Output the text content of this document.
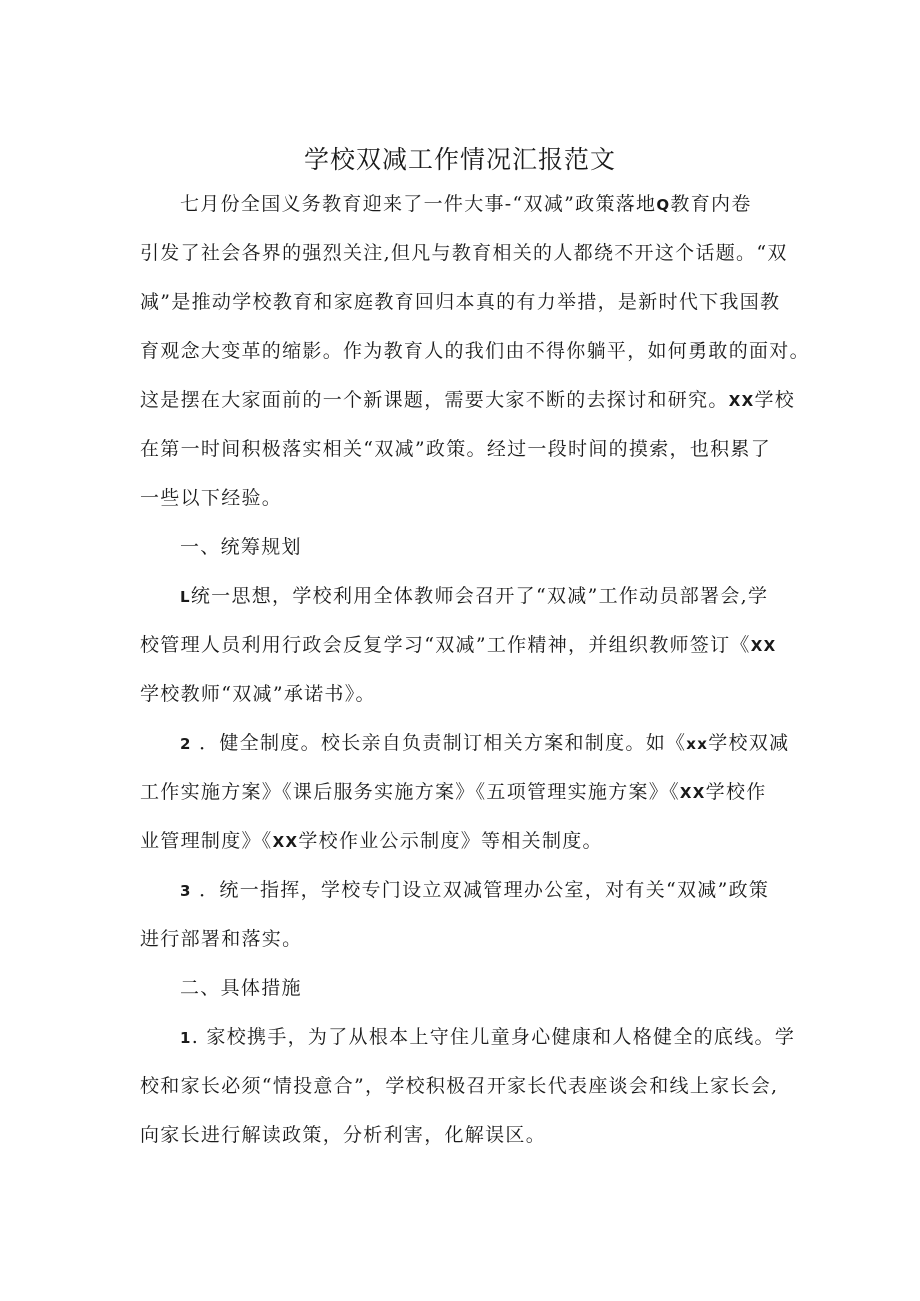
学校双减工作情况汇报范文
七月份全国义务教育迎来了一件大事-“双减”政策落地Q教育内卷
引发了社会各界的强烈关注,但凡与教育相关的人都绕不开这个话题。“双
减”是推动学校教育和家庭教育回归本真的有力举措，是新时代下我国教
育观念大变革的缩影。作为教育人的我们由不得你躺平，如何勇敢的面对。
这是摆在大家面前的一个新课题，需要大家不断的去探讨和研究。XX学校
在第一时间积极落实相关“双减”政策。经过一段时间的摸索，也积累了
一些以下经验。
一、统筹规划
L统一思想，学校利用全体教师会召开了“双减”工作动员部署会,学
校管理人员利用行政会反复学习“双减”工作精神，并组织教师签订《XX
学校教师“双减”承诺书》。
2 ．健全制度。校长亲自负责制订相关方案和制度。如《xx学校双减
工作实施方案》《课后服务实施方案》《五项管理实施方案》《XX学校作
业管理制度》《XX学校作业公示制度》等相关制度。
3 ．统一指挥，学校专门设立双减管理办公室，对有关“双减”政策
进行部署和落实。
二、具体措施
1. 家校携手，为了从根本上守住儿童身心健康和人格健全的底线。学
校和家长必须“情投意合”，学校积极召开家长代表座谈会和线上家长会,
向家长进行解读政策，分析利害，化解误区。
